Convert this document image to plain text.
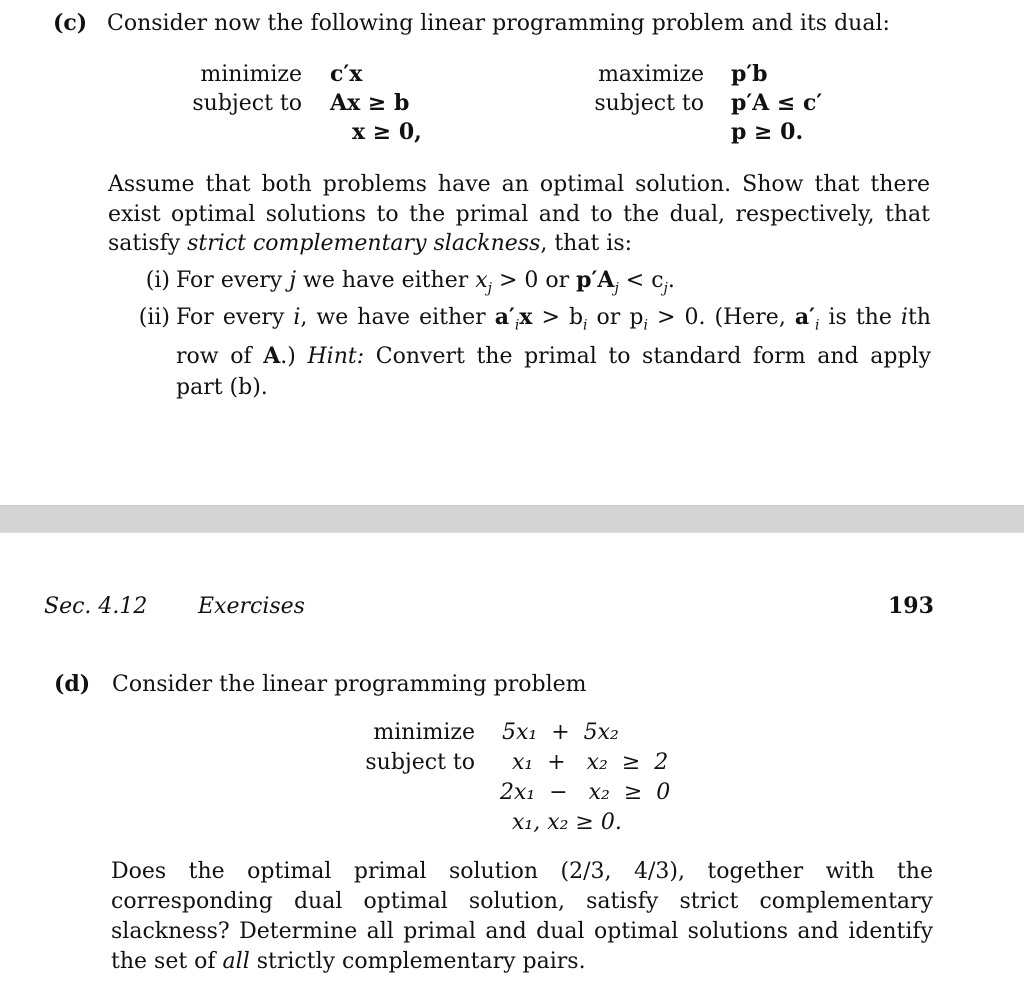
(c) Consider now the following linear programming problem and its dual:
minimize c′x
subject to Ax ≥ b
x ≥ 0,
maximize p′b
subject to p′A ≤ c′
p ≥ 0.
Assume that both problems have an optimal solution. Show that there exist optimal solutions to the primal and to the dual, respectively, that satisfy strict complementary slackness, that is:
(i) For every j we have either $x_j > 0$ or $p'A_j < c_j$.
(ii) For every i, we have either $a'_ix > b_i$ or $p_i > 0$. (Here, $a'_i$ is the ith row of A.) Hint: Convert the primal to standard form and apply part (b).
Sec. 4.12 Exercises	193
(d) Consider the linear programming problem
minimize 5x₁  +  5x₂
subject to x₁  +   x₂  ≥  2
2x₁  −   x₂  ≥  0
x₁, x₂ ≥ 0.
Does the optimal primal solution (2/3, 4/3), together with the corresponding dual optimal solution, satisfy strict complementary slackness? Determine all primal and dual optimal solutions and identify the set of all strictly complementary pairs.
